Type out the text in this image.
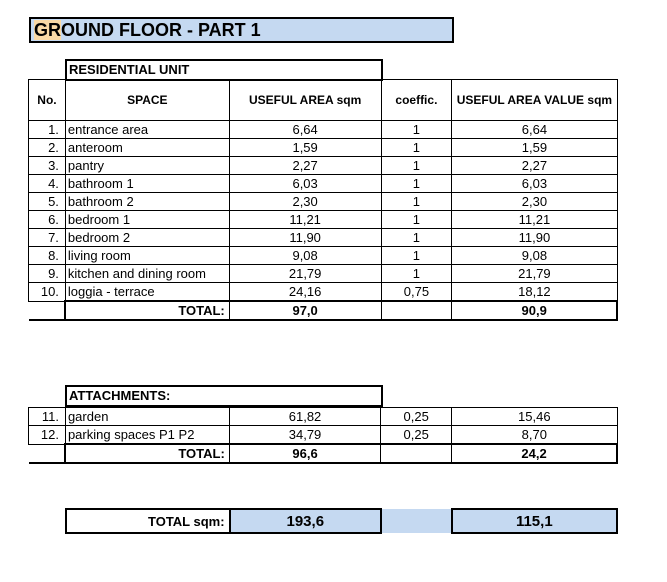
GROUND FLOOR - PART 1
RESIDENTIAL UNIT
No.	SPACE	USEFUL AREA sqm	coeffic.	USEFUL AREA VALUE sqm
1.	entrance area	6,64	1	6,64
2.	anteroom	1,59	1	1,59
3.	pantry	2,27	1	2,27
4.	bathroom 1	6,03	1	6,03
5.	bathroom 2	2,30	1	2,30
6.	bedroom 1	11,21	1	11,21
7.	bedroom 2	11,90	1	11,90
8.	living room	9,08	1	9,08
9.	kitchen and dining room	21,79	1	21,79
10.	loggia - terrace	24,16	0,75	18,12
	TOTAL:	97,0		90,9
ATTACHMENTS:
11.	garden	61,82	0,25	15,46
12.	parking spaces P1 P2	34,79	0,25	8,70
	TOTAL:	96,6		24,2
TOTAL sqm:	193,6		115,1
